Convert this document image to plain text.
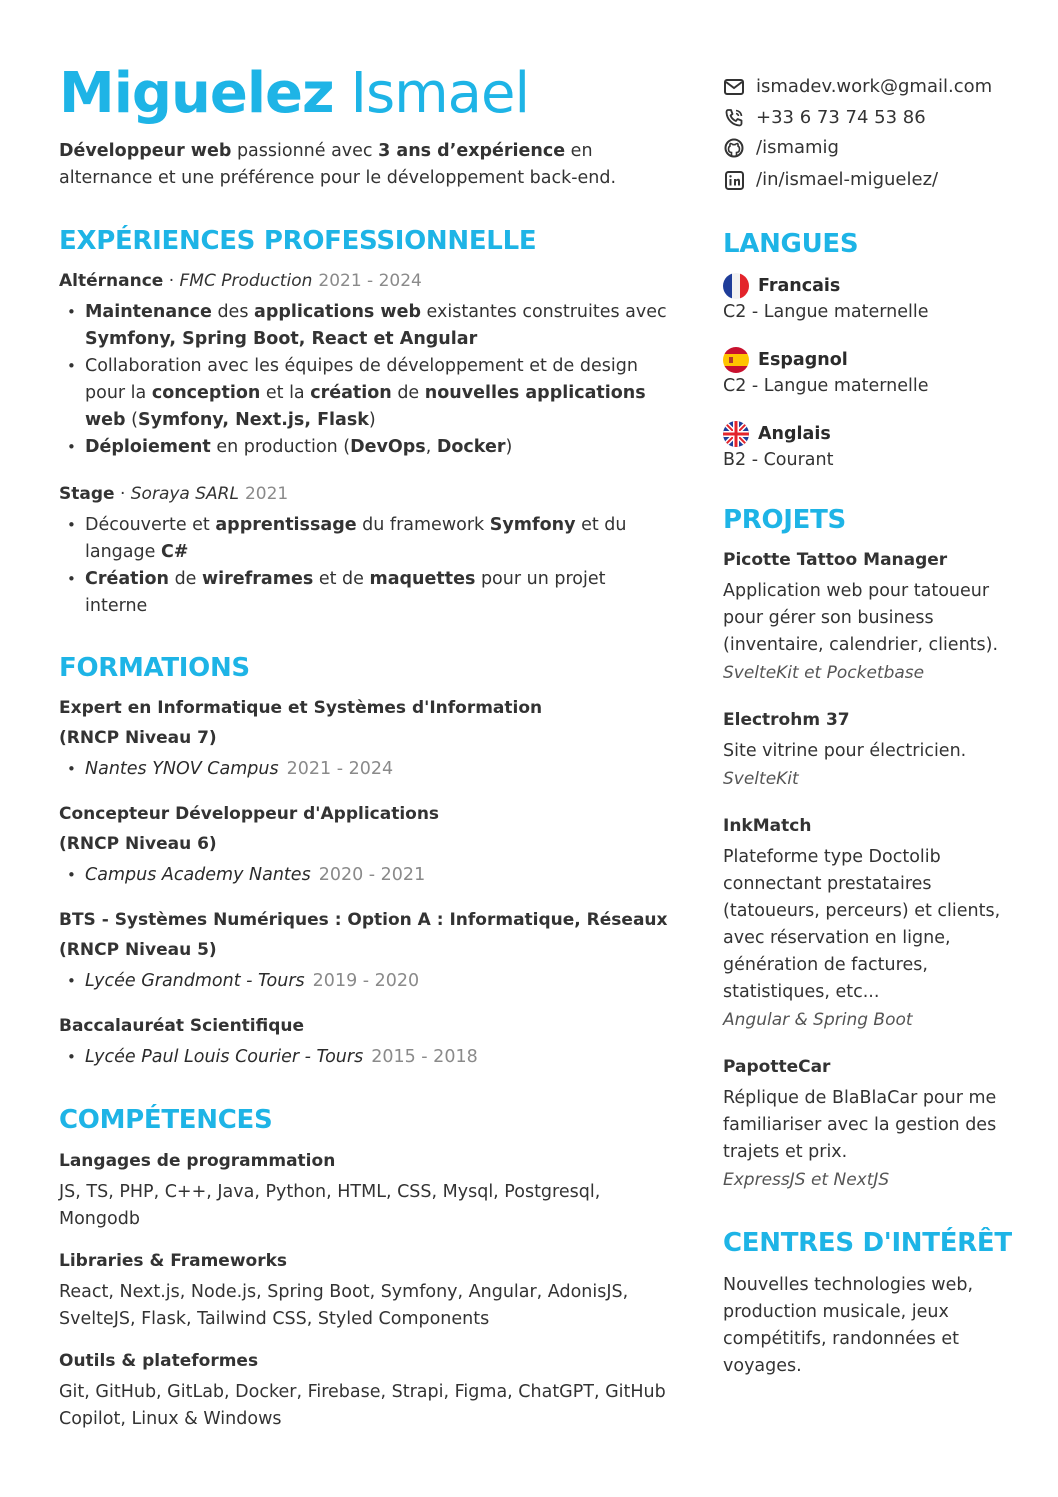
Miguelez Ismael
Développeur web passionné avec 3 ans d’expérience en alternance et une préférence pour le développement back-end.
EXPÉRIENCES PROFESSIONNELLE
Altérnance · FMC Production 2021 - 2024
• Maintenance des applications web existantes construites avec Symfony, Spring Boot, React et Angular
• Collaboration avec les équipes de développement et de design pour la conception et la création de nouvelles applications web (Symfony, Next.js, Flask)
• Déploiement en production (DevOps, Docker)
Stage · Soraya SARL 2021
• Découverte et apprentissage du framework Symfony et du langage C#
• Création de wireframes et de maquettes pour un projet interne
FORMATIONS
Expert en Informatique et Systèmes d'Information
(RNCP Niveau 7)
• Nantes YNOV Campus 2021 - 2024
Concepteur Développeur d'Applications
(RNCP Niveau 6)
• Campus Academy Nantes 2020 - 2021
BTS - Systèmes Numériques : Option A : Informatique, Réseaux
(RNCP Niveau 5)
• Lycée Grandmont - Tours 2019 - 2020
Baccalauréat Scientifique
• Lycée Paul Louis Courier - Tours 2015 - 2018
COMPÉTENCES
Langages de programmation
JS, TS, PHP, C++, Java, Python, HTML, CSS, Mysql, Postgresql, Mongodb
Libraries & Frameworks
React, Next.js, Node.js, Spring Boot, Symfony, Angular, AdonisJS, SvelteJS, Flask, Tailwind CSS, Styled Components
Outils & plateformes
Git, GitHub, GitLab, Docker, Firebase, Strapi, Figma, ChatGPT, GitHub Copilot, Linux & Windows
ismadev.work@gmail.com
+33 6 73 74 53 86
/ismamig
/in/ismael-miguelez/
LANGUES
Francais
C2 - Langue maternelle
Espagnol
C2 - Langue maternelle
Anglais
B2 - Courant
PROJETS
Picotte Tattoo Manager
Application web pour tatoueur pour gérer son business (inventaire, calendrier, clients).
SvelteKit et Pocketbase
Electrohm 37
Site vitrine pour électricien.
SvelteKit
InkMatch
Plateforme type Doctolib connectant prestataires (tatoueurs, perceurs) et clients, avec réservation en ligne, génération de factures, statistiques, etc...
Angular & Spring Boot
PapotteCar
Réplique de BlaBlaCar pour me familiariser avec la gestion des trajets et prix.
ExpressJS et NextJS
CENTRES D'INTÉRÊT
Nouvelles technologies web, production musicale, jeux compétitifs, randonnées et voyages.
